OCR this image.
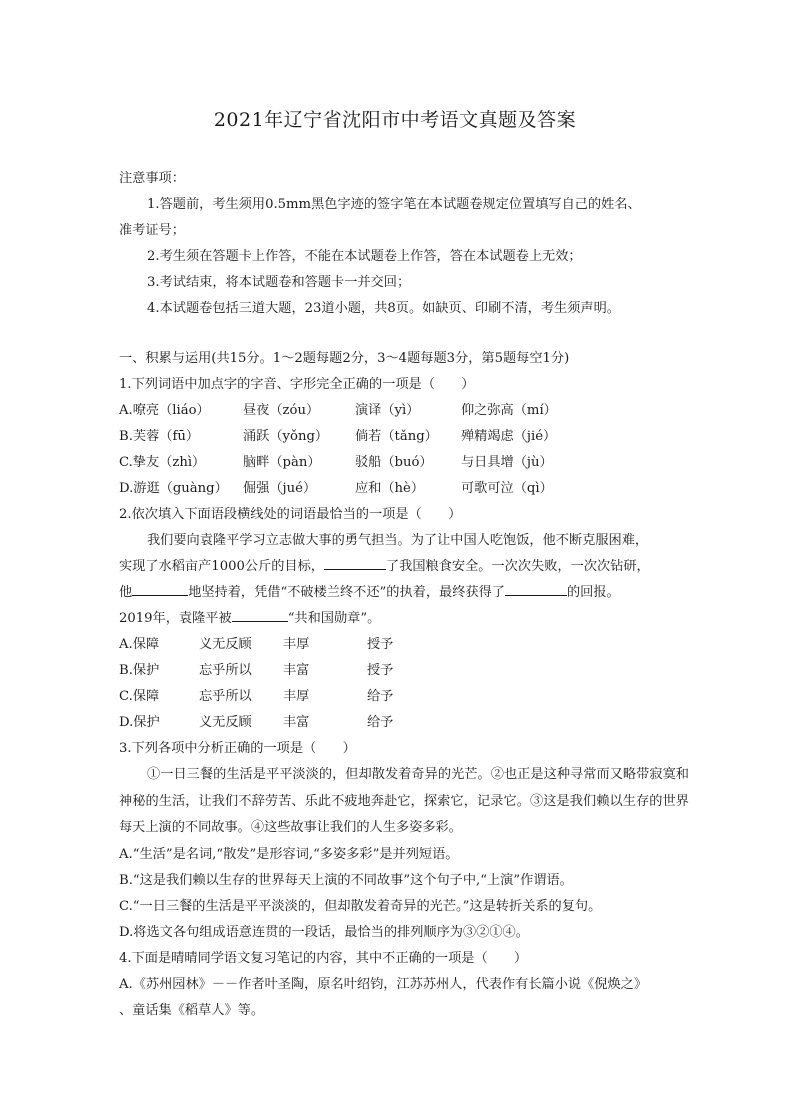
2021年辽宁省沈阳市中考语文真题及答案
注意事项：
1.答题前，考生须用0.5mm黑色字迹的签字笔在本试题卷规定位置填写自己的姓名、
准考证号；
2.考生须在答题卡上作答，不能在本试题卷上作答，答在本试题卷上无效；
3.考试结束，将本试题卷和答题卡一并交回；
4.本试题卷包括三道大题，23道小题，共8页。如缺页、印刷不清，考生须声明。
一、积累与运用(共15分。1～2题每题2分，3～4题每题3分，第5题每空1分)
1.下列词语中加点字的字音、字形完全正确的一项是（　　）
A.嘹亮（liáo）	昼夜（zóu）	演译（yì）	仰之弥高（mí）
B.芙蓉（fū）	涌跃（yǒng）	倘若（tǎng）	殚精竭虑（jié）
C.挚友（zhì）	脑畔（pàn）	驳船（buó）	与日具增（jù）
D.游逛（guàng）	倔强（jué）	应和（hè）	可歌可泣（qì）
2.依次填入下面语段横线处的词语最恰当的一项是（　　）
我们要向袁隆平学习立志做大事的勇气担当。为了让中国人吃饱饭，他不断克服困难，
实现了水稻亩产1000公斤的目标，	了我国粮食安全。一次次失败，一次次钻研，
他	地坚持着，凭借“不破楼兰终不还”的执着，最终获得了	的回报。
2019年，袁隆平被	“共和国勋章”。
A.保障	义无反顾	丰厚	授予
B.保护	忘乎所以	丰富	授予
C.保障	忘乎所以	丰厚	给予
D.保护	义无反顾	丰富	给予
3.下列各项中分析正确的一项是（　　）
①一日三餐的生活是平平淡淡的，但却散发着奇异的光芒。②也正是这种寻常而又略带寂寞和神秘的生活，让我们不辞劳苦、乐此不疲地奔赴它，探索它，记录它。③这是我们赖以生存的世界每天上演的不同故事。④这些故事让我们的人生多姿多彩。
A.“生活”是名词,“散发”是形容词,“多姿多彩”是并列短语。
B.“这是我们赖以生存的世界每天上演的不同故事”这个句子中,“上演”作谓语。
C.“一日三餐的生活是平平淡淡的，但却散发着奇异的光芒。”这是转折关系的复句。
D.将选文各句组成语意连贯的一段话，最恰当的排列顺序为③②①④。
4.下面是晴晴同学语文复习笔记的内容，其中不正确的一项是（　　）
A.《苏州园林》－－作者叶圣陶，原名叶绍钧，江苏苏州人，代表作有长篇小说《倪焕之》
、童话集《稻草人》等。
